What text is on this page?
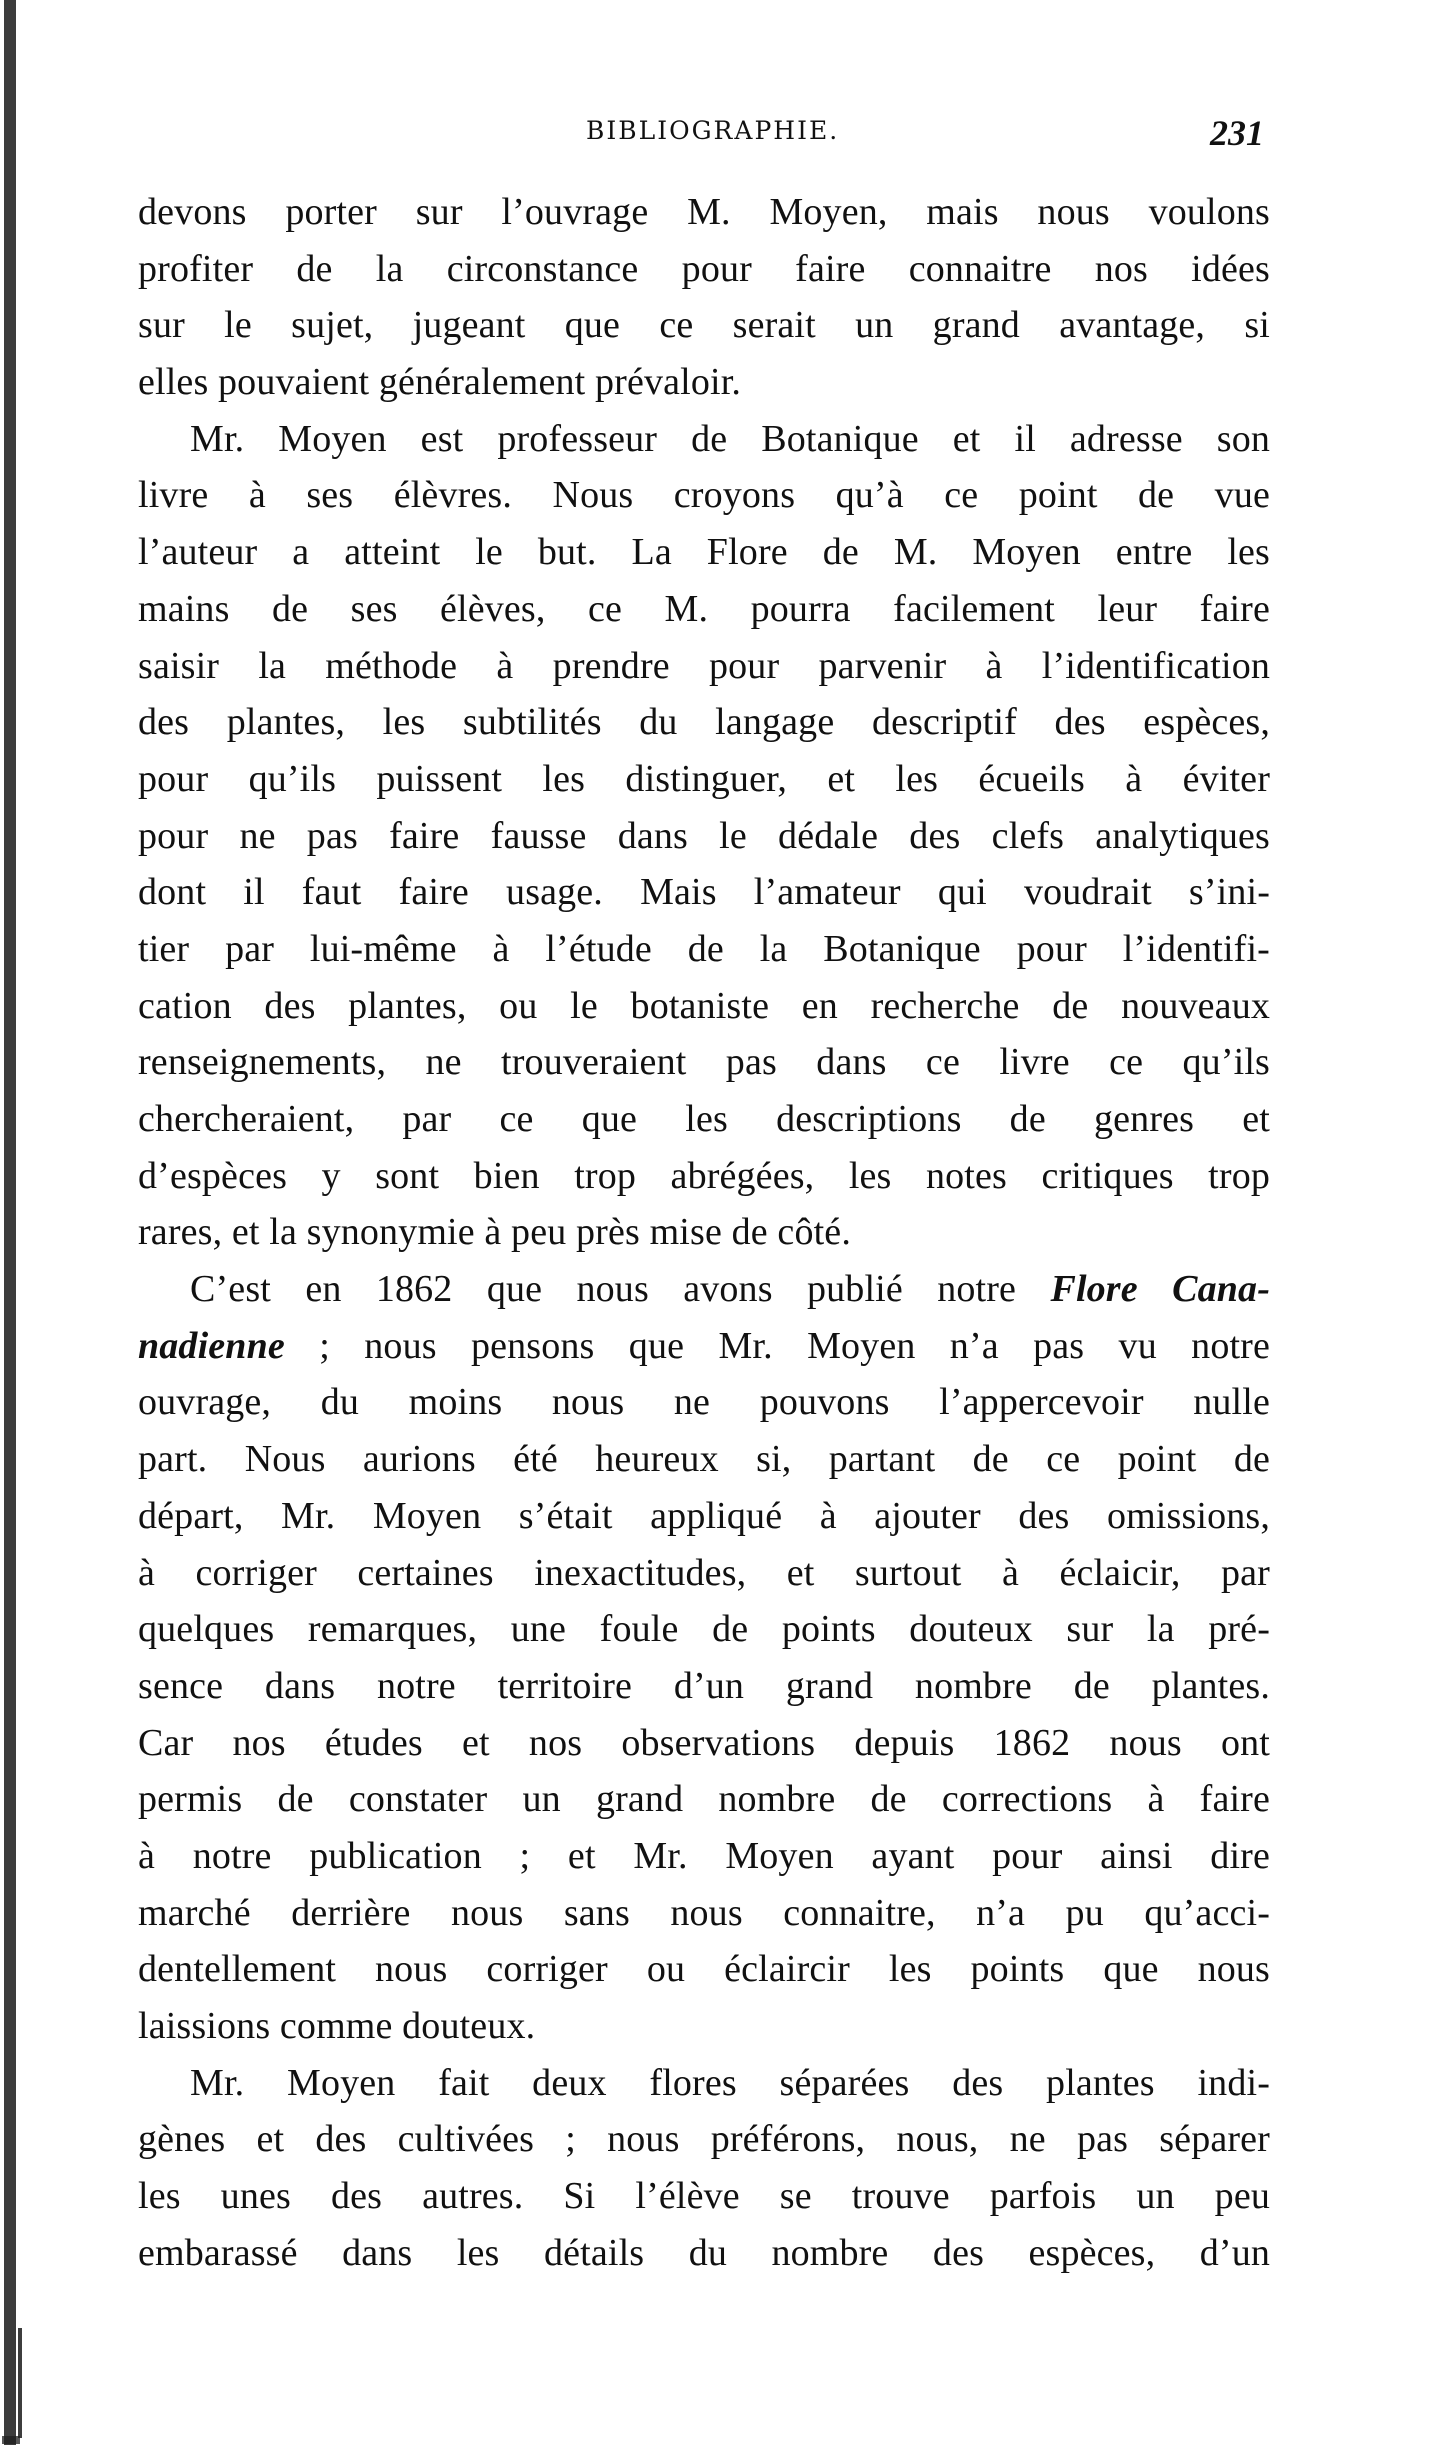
BIBLIOGRAPHIE.	231
devons porter sur l’ouvrage M. Moyen, mais nous voulons
profiter de la circonstance pour faire connaitre nos idées
sur le sujet, jugeant que ce serait un grand avantage, si
elles pouvaient généralement prévaloir.
Mr. Moyen est professeur de Botanique et il adresse son
livre à ses élèvres. Nous croyons qu’à ce point de vue
l’auteur a atteint le but. La Flore de M. Moyen entre les
mains de ses élèves, ce M. pourra facilement leur faire
saisir la méthode à prendre pour parvenir à l’identification
des plantes, les subtilités du langage descriptif des espèces,
pour qu’ils puissent les distinguer, et les écueils à éviter
pour ne pas faire fausse dans le dédale des clefs analytiques
dont il faut faire usage. Mais l’amateur qui voudrait s’ini-
tier par lui-même à l’étude de la Botanique pour l’identifi-
cation des plantes, ou le botaniste en recherche de nouveaux
renseignements, ne trouveraient pas dans ce livre ce qu’ils
chercheraient, par ce que les descriptions de genres et
d’espèces y sont bien trop abrégées, les notes critiques trop
rares, et la synonymie à peu près mise de côté.
C’est en 1862 que nous avons publié notre Flore Cana-
nadienne ; nous pensons que Mr. Moyen n’a pas vu notre
ouvrage, du moins nous ne pouvons l’appercevoir nulle
part. Nous aurions été heureux si, partant de ce point de
départ, Mr. Moyen s’était appliqué à ajouter des omissions,
à corriger certaines inexactitudes, et surtout à éclaicir, par
quelques remarques, une foule de points douteux sur la pré-
sence dans notre territoire d’un grand nombre de plantes.
Car nos études et nos observations depuis 1862 nous ont
permis de constater un grand nombre de corrections à faire
à notre publication ; et Mr. Moyen ayant pour ainsi dire
marché derrière nous sans nous connaitre, n’a pu qu’acci-
dentellement nous corriger ou éclaircir les points que nous
laissions comme douteux.
Mr. Moyen fait deux flores séparées des plantes indi-
gènes et des cultivées ; nous préférons, nous, ne pas séparer
les unes des autres. Si l’élève se trouve parfois un peu
embarassé dans les détails du nombre des espèces, d’un
